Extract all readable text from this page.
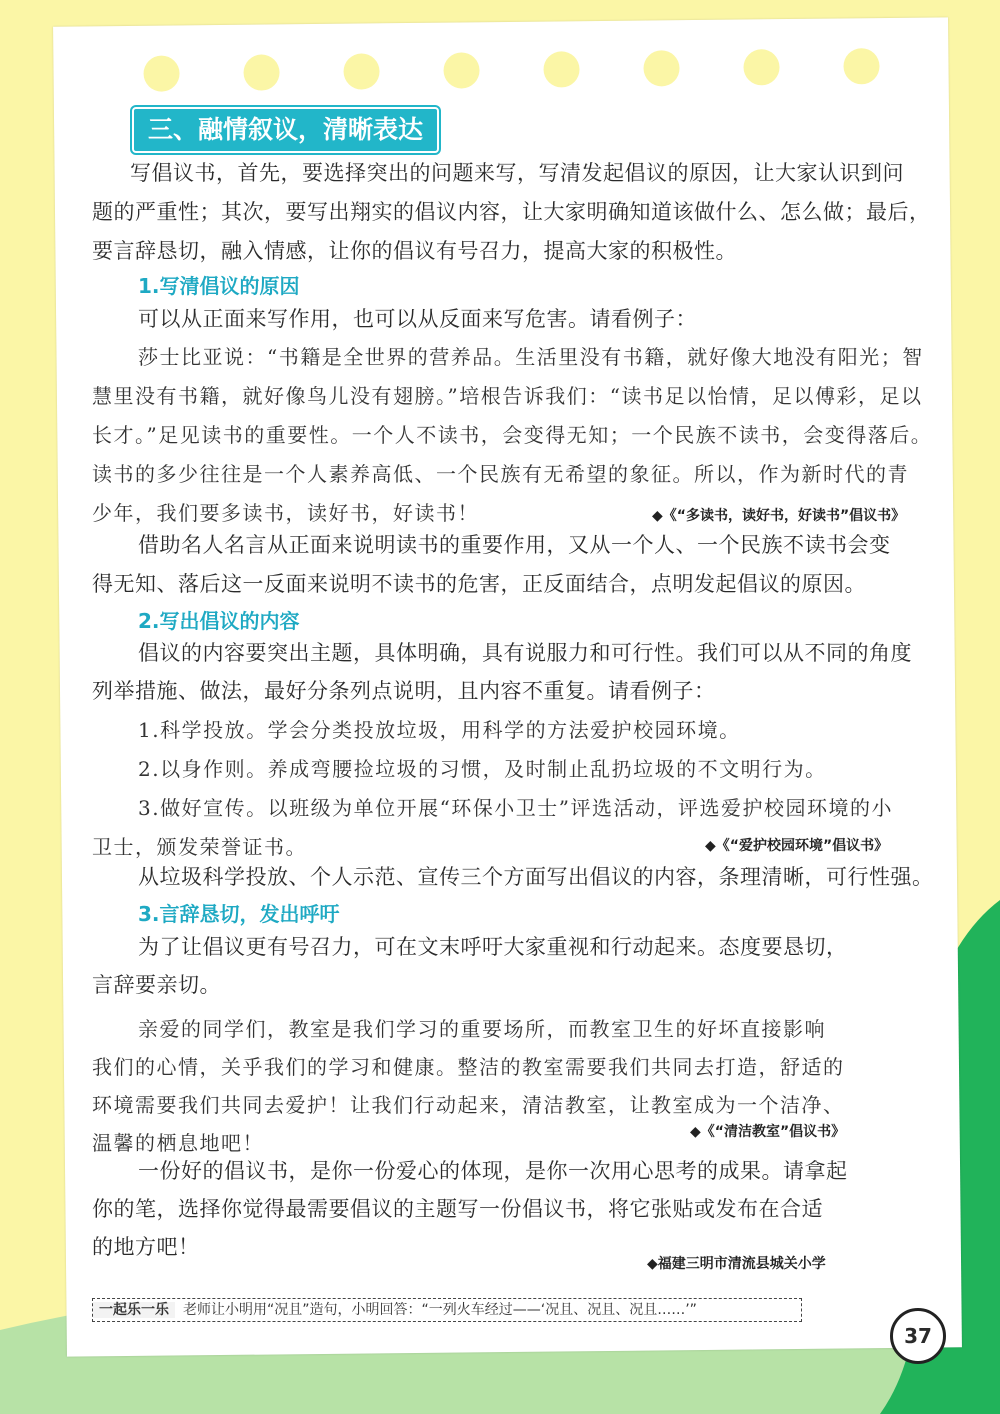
三、融情叙议，清晰表达
写倡议书，首先，要选择突出的问题来写，写清发起倡议的原因，让大家认识到问
题的严重性；其次，要写出翔实的倡议内容，让大家明确知道该做什么、怎么做；最后，
要言辞恳切，融入情感，让你的倡议有号召力，提高大家的积极性。
1.写清倡议的原因
可以从正面来写作用，也可以从反面来写危害。请看例子：
莎士比亚说：“书籍是全世界的营养品。生活里没有书籍，就好像大地没有阳光；智
慧里没有书籍，就好像鸟儿没有翅膀。”培根告诉我们：“读书足以怡情，足以傅彩，足以
长才。”足见读书的重要性。一个人不读书，会变得无知；一个民族不读书，会变得落后。
读书的多少往往是一个人素养高低、一个民族有无希望的象征。所以，作为新时代的青
少年，我们要多读书，读好书，好读书！	◆《“多读书，读好书，好读书”倡议书》
借助名人名言从正面来说明读书的重要作用，又从一个人、一个民族不读书会变
得无知、落后这一反面来说明不读书的危害，正反面结合，点明发起倡议的原因。
2.写出倡议的内容
倡议的内容要突出主题，具体明确，具有说服力和可行性。我们可以从不同的角度
列举措施、做法，最好分条列点说明，且内容不重复。请看例子：
1.科学投放。学会分类投放垃圾，用科学的方法爱护校园环境。
2.以身作则。养成弯腰捡垃圾的习惯，及时制止乱扔垃圾的不文明行为。
3.做好宣传。以班级为单位开展“环保小卫士”评选活动，评选爱护校园环境的小
卫士，颁发荣誉证书。	◆《“爱护校园环境”倡议书》
从垃圾科学投放、个人示范、宣传三个方面写出倡议的内容，条理清晰，可行性强。
3.言辞恳切，发出呼吁
为了让倡议更有号召力，可在文末呼吁大家重视和行动起来。态度要恳切，
言辞要亲切。
亲爱的同学们，教室是我们学习的重要场所，而教室卫生的好坏直接影响
我们的心情，关乎我们的学习和健康。整洁的教室需要我们共同去打造，舒适的
环境需要我们共同去爱护！让我们行动起来，清洁教室，让教室成为一个洁净、
温馨的栖息地吧！	◆《“清洁教室”倡议书》
一份好的倡议书，是你一份爱心的体现，是你一次用心思考的成果。请拿起
你的笔，选择你觉得最需要倡议的主题写一份倡议书，将它张贴或发布在合适
的地方吧！
◆福建三明市清流县城关小学
一起乐一乐 老师让小明用“况且”造句，小明回答：“一列火车经过——‘况且、况且、况且……’”
37
